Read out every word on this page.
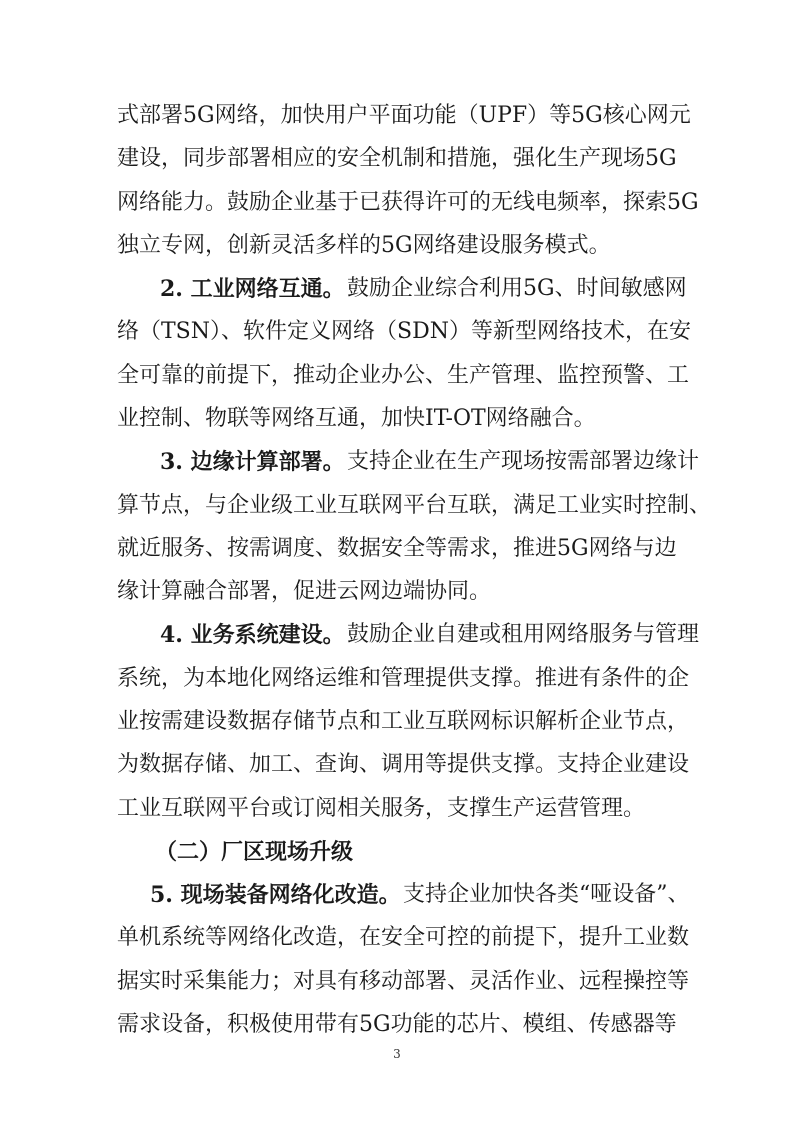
3
式部署5G网络，加快用户平面功能（UPF）等5G核心网元
建设，同步部署相应的安全机制和措施，强化生产现场5G
网络能力。鼓励企业基于已获得许可的无线电频率，探索5G
独立专网，创新灵活多样的5G网络建设服务模式。
2. 工业网络互通。 鼓励企业综合利用5G、时间敏感网
络（TSN）、软件定义网络（SDN）等新型网络技术，在安
全可靠的前提下，推动企业办公、生产管理、监控预警、工
业控制、物联等网络互通，加快IT-OT网络融合。
3. 边缘计算部署。 支持企业在生产现场按需部署边缘计
算节点，与企业级工业互联网平台互联，满足工业实时控制、
就近服务、按需调度、数据安全等需求，推进5G网络与边
缘计算融合部署，促进云网边端协同。
4. 业务系统建设。 鼓励企业自建或租用网络服务与管理
系统，为本地化网络运维和管理提供支撑。推进有条件的企
业按需建设数据存储节点和工业互联网标识解析企业节点，
为数据存储、加工、查询、调用等提供支撑。支持企业建设
工业互联网平台或订阅相关服务，支撑生产运营管理。
（二）厂区现场升级
5. 现场装备网络化改造。 支持企业加快各类“哑设备”、
单机系统等网络化改造，在安全可控的前提下，提升工业数
据实时采集能力；对具有移动部署、灵活作业、远程操控等
需求设备，积极使用带有5G功能的芯片、模组、传感器等
